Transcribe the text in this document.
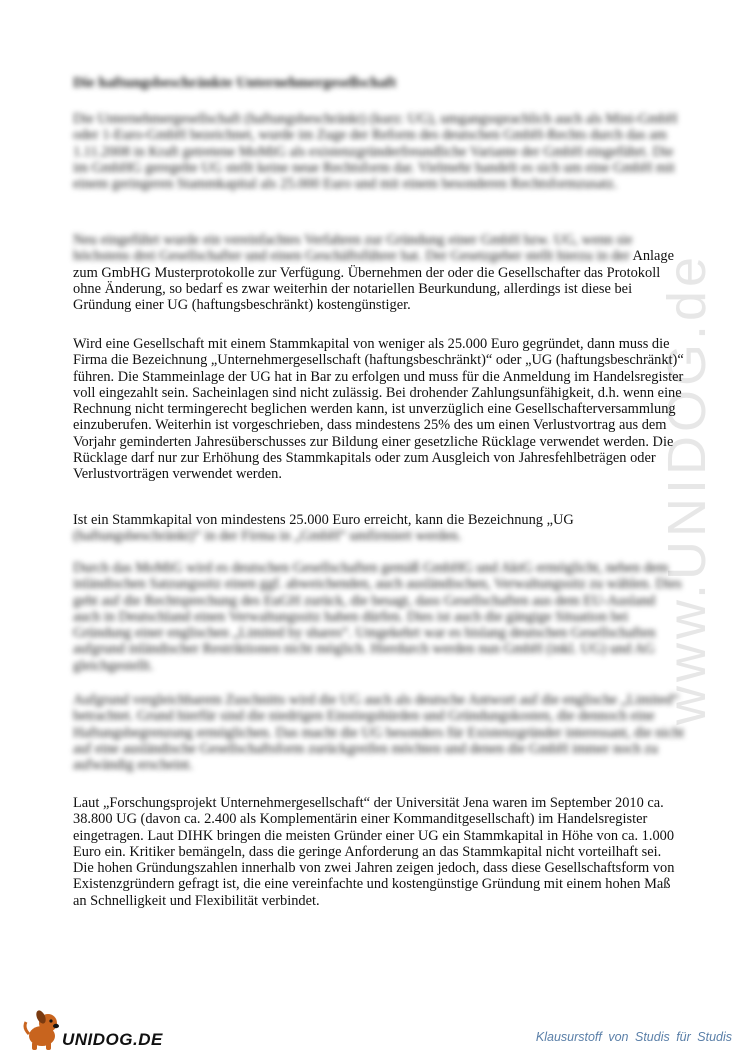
www.UNIDOG.de
Die haftungsbeschränkte Unternehmergesellschaft

Die Unternehmergesellschaft (haftungsbeschränkt) (kurz: UG), umgangssprachlich auch als Mini-GmbH oder 1-Euro-GmbH bezeichnet, wurde im Zuge der Reform des deutschen GmbH-Rechts durch das am 1.11.2008 in Kraft getretene MoMiG als existenzgründerfreundliche Variante der GmbH eingeführt. Die im GmbHG geregelte UG stellt keine neue Rechtsform dar. Vielmehr handelt es sich um eine GmbH mit einem geringeren Stammkapital als 25.000 Euro und mit einem besonderen Rechtsformzusatz.

Neu eingeführt wurde ein vereinfachtes Verfahren zur Gründung einer GmbH bzw. UG, wenn sie höchstens drei Gesellschafter und einen Geschäftsführer hat. Der Gesetzgeber stellt hierzu in der Anlage zum GmbHG Musterprotokolle zur Verfügung. Übernehmen der oder die Gesellschafter das Protokoll ohne Änderung, so bedarf es zwar weiterhin der notariellen Beurkundung, allerdings ist diese bei Gründung einer UG (haftungsbeschränkt) kostengünstiger.

Wird eine Gesellschaft mit einem Stammkapital von weniger als 25.000 Euro gegründet, dann muss die Firma die Bezeichnung „Unternehmergesellschaft (haftungsbeschränkt)“ oder „UG (haftungsbeschränkt)“ führen. Die Stammeinlage der UG hat in Bar zu erfolgen und muss für die Anmeldung im Handelsregister voll eingezahlt sein. Sacheinlagen sind nicht zulässig. Bei drohender Zahlungsunfähigkeit, d.h. wenn eine Rechnung nicht termingerecht beglichen werden kann, ist unverzüglich eine Gesellschafterversammlung einzuberufen. Weiterhin ist vorgeschrieben, dass mindestens 25% des um einen Verlustvortrag aus dem Vorjahr geminderten Jahresüberschusses zur Bildung einer gesetzliche Rücklage verwendet werden. Die Rücklage darf nur zur Erhöhung des Stammkapitals oder zum Ausgleich von Jahresfehlbeträgen oder Verlustvorträgen verwendet werden.

Ist ein Stammkapital von mindestens 25.000 Euro erreicht, kann die Bezeichnung „UG (haftungsbeschränkt)“ in der Firma in „GmbH“ umfirmiert werden.

Durch das MoMiG wird es deutschen Gesellschaften gemäß GmbHG und AktG ermöglicht, neben dem inländischen Satzungssitz einen ggf. abweichenden, auch ausländischen, Verwaltungssitz zu wählen. Dies geht auf die Rechtsprechung des EuGH zurück, die besagt, dass Gesellschaften aus dem EU-Ausland auch in Deutschland einen Verwaltungssitz haben dürfen. Dies ist auch die gängige Situation bei Gründung einer englischen „Limited by shares“. Umgekehrt war es bislang deutschen Gesellschaften aufgrund inländischer Restriktionen nicht möglich. Hierdurch werden nun GmbH (inkl. UG) und AG gleichgestellt.

Aufgrund vergleichbarem Zuschnitts wird die UG auch als deutsche Antwort auf die englische „Limited“ betrachtet. Grund hierfür sind die niedrigen Einstiegshürden und Gründungskosten, die dennoch eine Haftungsbegrenzung ermöglichen. Das macht die UG besonders für Existenzgründer interessant, die nicht auf eine ausländische Gesellschaftsform zurückgreifen möchten und denen die GmbH immer noch zu aufwändig erscheint.

Laut „Forschungsprojekt Unternehmergesellschaft“ der Universität Jena waren im September 2010 ca. 38.800 UG (davon ca. 2.400 als Komplementärin einer Kommanditgesellschaft) im Handelsregister eingetragen. Laut DIHK bringen die meisten Gründer einer UG ein Stammkapital in Höhe von ca. 1.000 Euro ein. Kritiker bemängeln, dass die geringe Anforderung an das Stammkapital nicht vorteilhaft sei. Die hohen Gründungszahlen innerhalb von zwei Jahren zeigen jedoch, dass diese Gesellschaftsform von Existenzgründern gefragt ist, die eine vereinfachte und kostengünstige Gründung mit einem hohen Maß an Schnelligkeit und Flexibilität verbindet.

UNIDOG.DE	Klausurstoff von Studis für Studis
